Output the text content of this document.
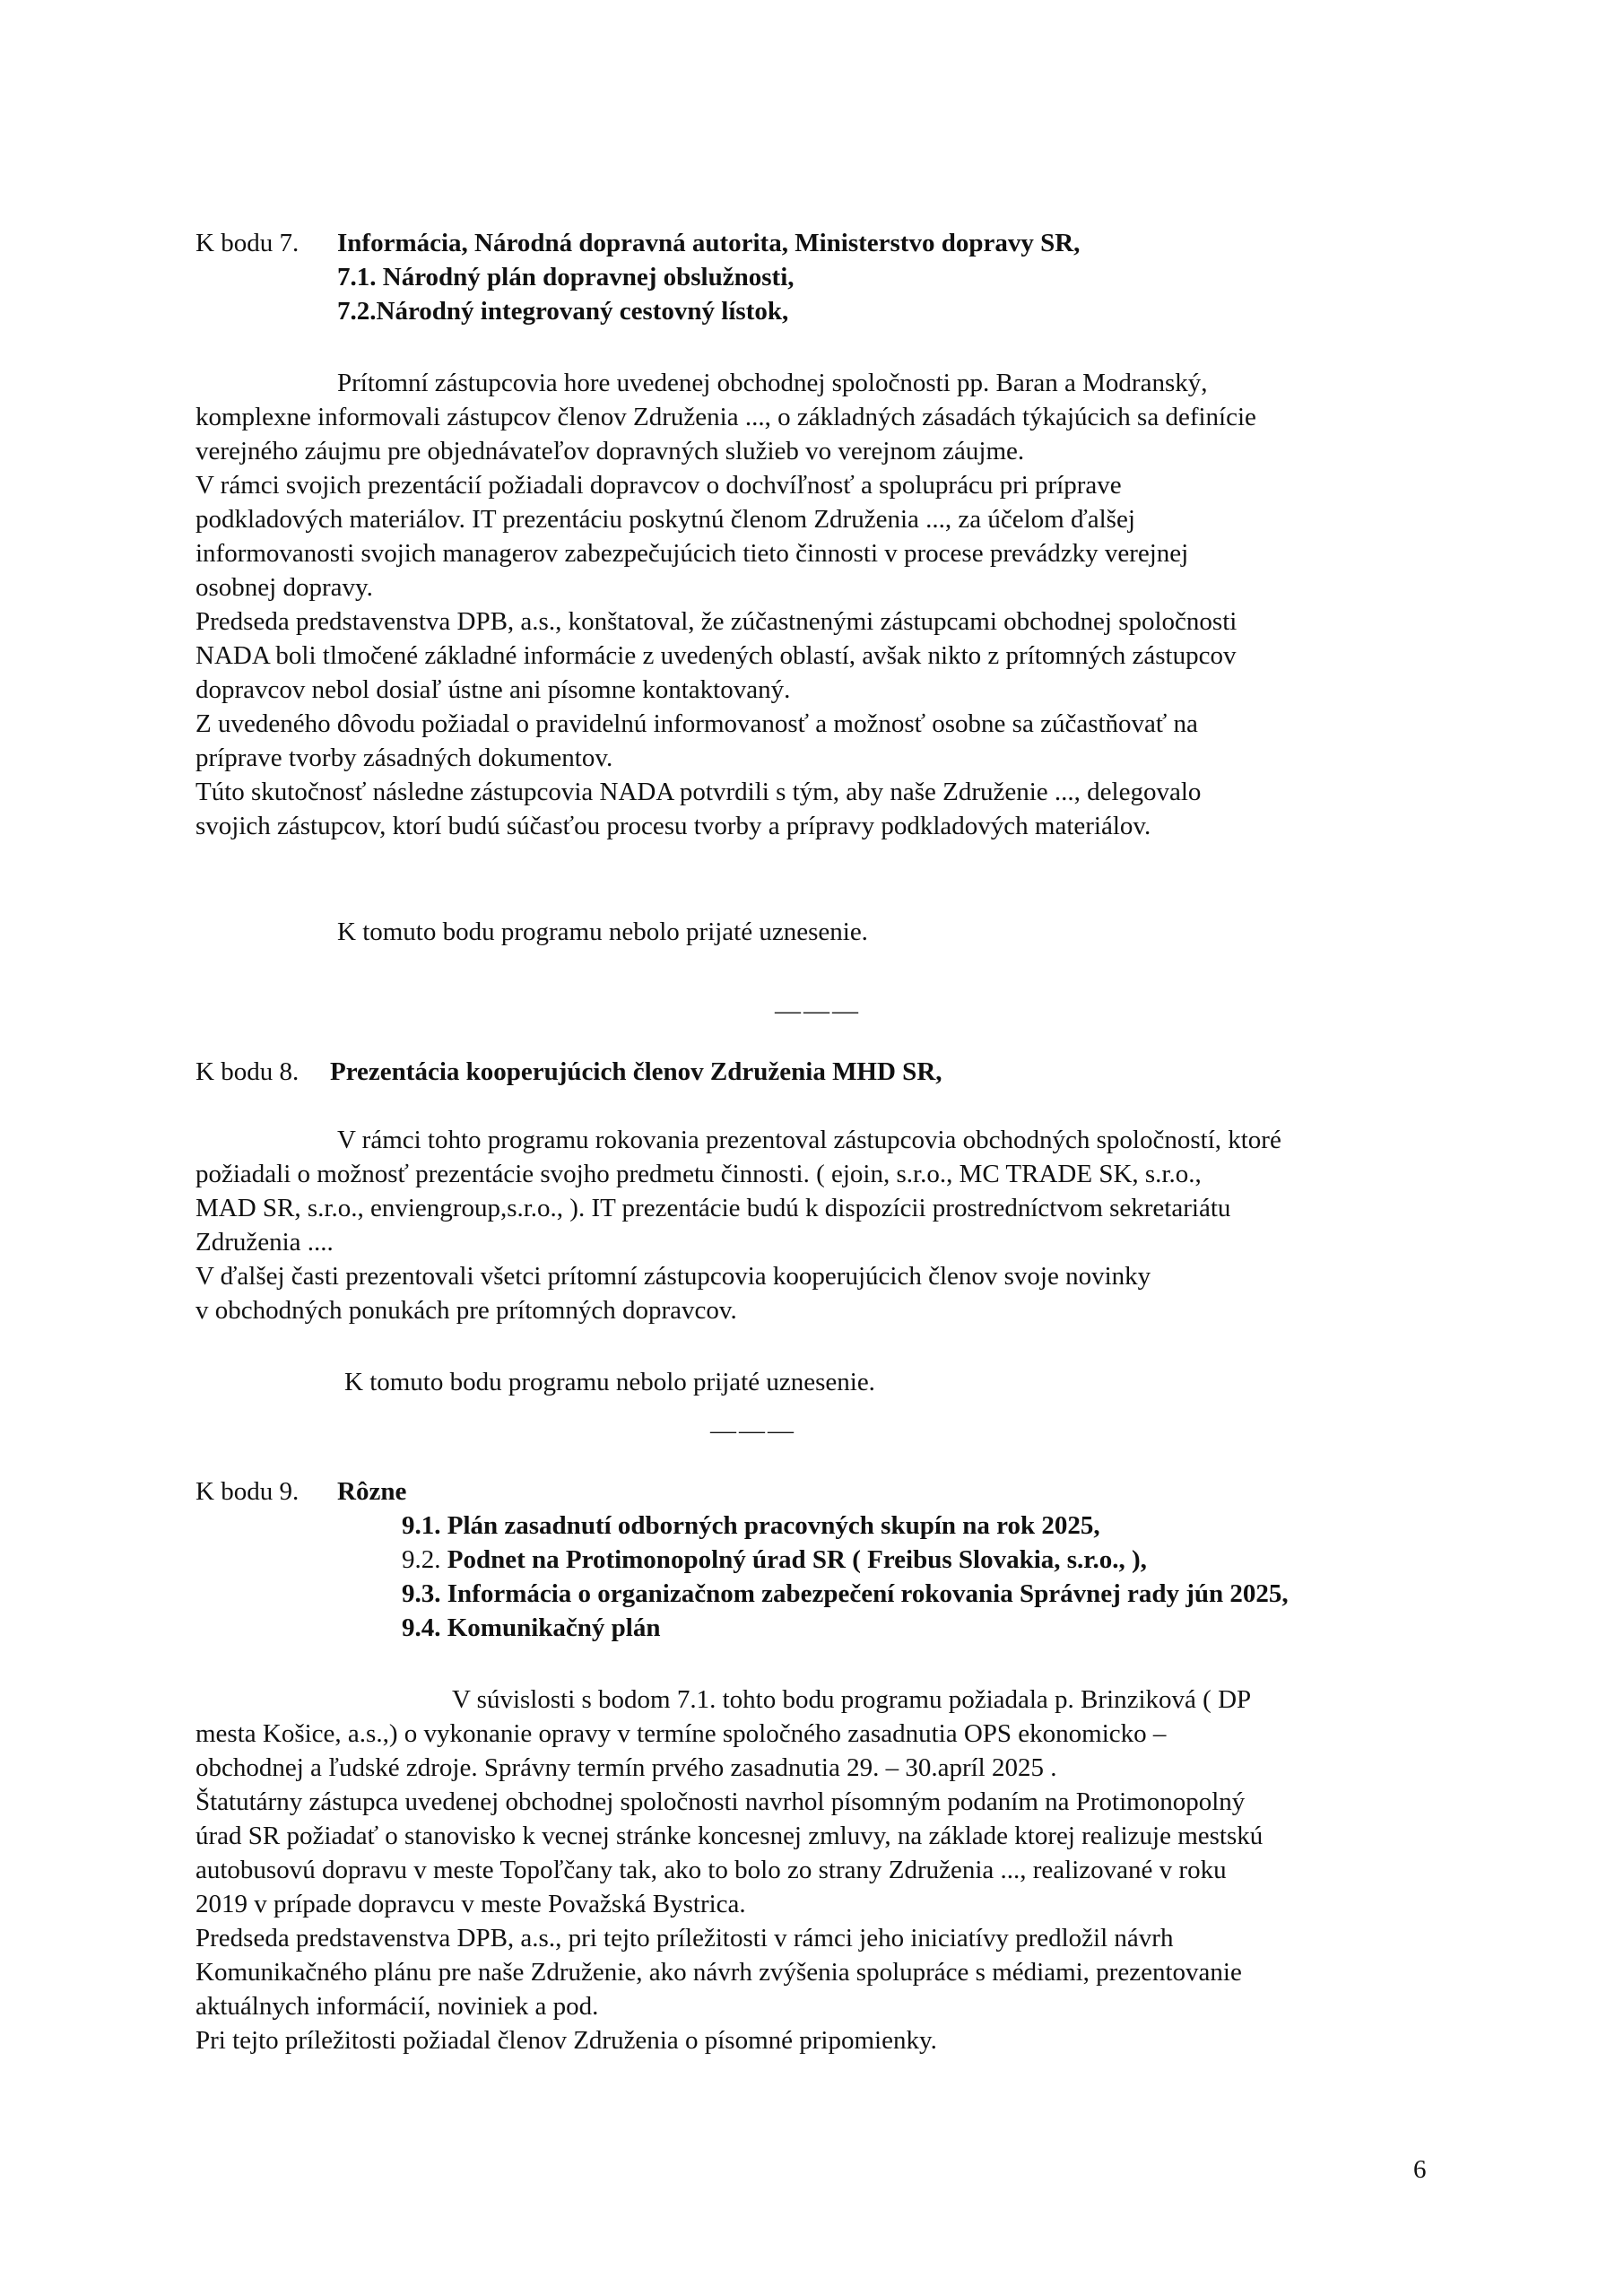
K bodu 7. Informácia, Národná dopravná autorita, Ministerstvo dopravy SR,
7.1. Národný plán dopravnej obslužnosti,
7.2.Národný integrovaný cestovný lístok,
Prítomní zástupcovia hore uvedenej obchodnej spoločnosti pp. Baran a Modranský,
komplexne informovali zástupcov členov Združenia ..., o základných zásadách týkajúcich sa definície
verejného záujmu pre objednávateľov dopravných služieb vo verejnom záujme.
V rámci svojich prezentácií požiadali dopravcov o dochvíľnosť a spoluprácu pri príprave
podkladových materiálov. IT prezentáciu poskytnú členom Združenia ..., za účelom ďalšej
informovanosti svojich managerov zabezpečujúcich tieto činnosti v procese prevádzky verejnej
osobnej dopravy.
Predseda predstavenstva DPB, a.s., konštatoval, že zúčastnenými zástupcami obchodnej spoločnosti
NADA boli tlmočené základné informácie z uvedených oblastí, avšak nikto z prítomných zástupcov
dopravcov nebol dosiaľ ústne ani písomne kontaktovaný.
Z uvedeného dôvodu požiadal o pravidelnú informovanosť a možnosť osobne sa zúčastňovať na
príprave tvorby zásadných dokumentov.
Túto skutočnosť následne zástupcovia NADA potvrdili s tým, aby naše Združenie ..., delegovalo
svojich zástupcov, ktorí budú súčasťou procesu tvorby a prípravy podkladových materiálov.
K tomuto bodu programu nebolo prijaté uznesenie.
———
K bodu 8. Prezentácia kooperujúcich členov Združenia MHD SR,
V rámci tohto programu rokovania prezentoval zástupcovia obchodných spoločností, ktoré
požiadali o možnosť prezentácie svojho predmetu činnosti. ( ejoin, s.r.o., MC TRADE SK, s.r.o.,
MAD SR, s.r.o., enviengroup,s.r.o., ). IT prezentácie budú k dispozícii prostredníctvom sekretariátu
Združenia ....
V ďalšej časti prezentovali všetci prítomní zástupcovia kooperujúcich členov svoje novinky
v obchodných ponukách pre prítomných dopravcov.
K tomuto bodu programu nebolo prijaté uznesenie.
———
K bodu 9. Rôzne
9.1. Plán zasadnutí odborných pracovných skupín na rok 2025,
9.2. Podnet na Protimonopolný úrad SR ( Freibus Slovakia, s.r.o., ),
9.3. Informácia o organizačnom zabezpečení rokovania Správnej rady jún 2025,
9.4. Komunikačný plán
V súvislosti s bodom 7.1. tohto bodu programu požiadala p. Brinziková ( DP
mesta Košice, a.s.,) o vykonanie opravy v termíne spoločného zasadnutia OPS ekonomicko –
obchodnej a ľudské zdroje. Správny termín prvého zasadnutia 29. – 30.apríl 2025 .
Štatutárny zástupca uvedenej obchodnej spoločnosti navrhol písomným podaním na Protimonopolný
úrad SR požiadať o stanovisko k vecnej stránke koncesnej zmluvy, na základe ktorej realizuje mestskú
autobusovú dopravu v meste Topoľčany tak, ako to bolo zo strany Združenia ..., realizované v roku
2019 v prípade dopravcu v meste Považská Bystrica.
Predseda predstavenstva DPB, a.s., pri tejto príležitosti v rámci jeho iniciatívy predložil návrh
Komunikačného plánu pre naše Združenie, ako návrh zvýšenia spolupráce s médiami, prezentovanie
aktuálnych informácií, noviniek a pod.
Pri tejto príležitosti požiadal členov Združenia o písomné pripomienky.
6
